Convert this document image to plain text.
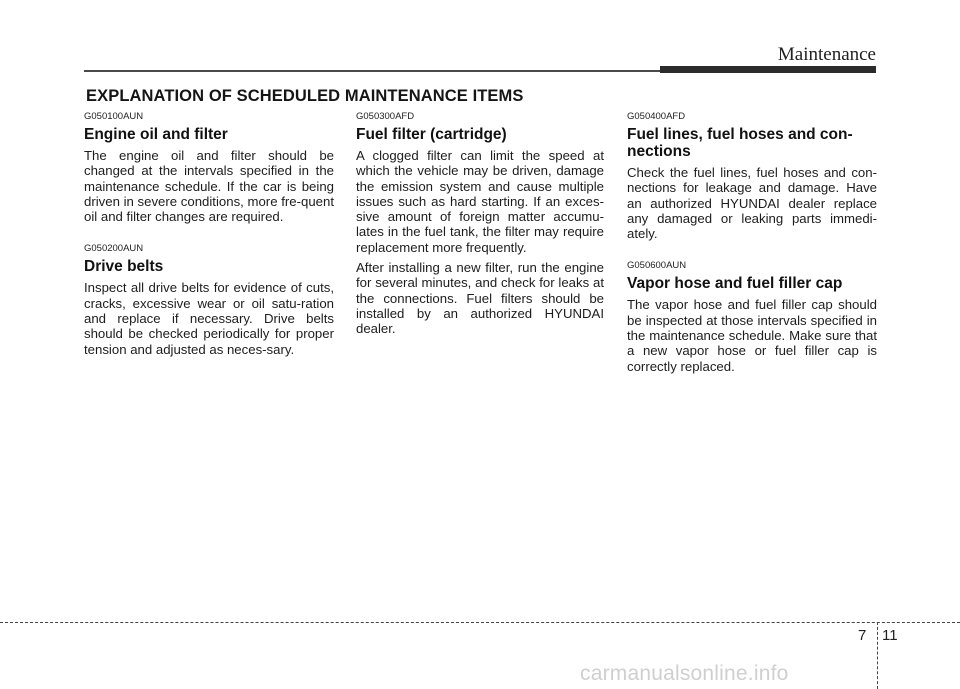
Maintenance
EXPLANATION OF SCHEDULED MAINTENANCE ITEMS

G050100AUN

Engine oil and filter

The engine oil and filter should be changed at the intervals specified in the maintenance schedule. If the car is being driven in severe conditions, more fre-quent oil and filter changes are required.

G050200AUN

Drive belts

Inspect all drive belts for evidence of cuts, cracks, excessive wear or oil satu-ration and replace if necessary. Drive belts should be checked periodically for proper tension and adjusted as neces-sary.

G050300AFD

Fuel filter (cartridge)

A clogged filter can limit the speed at which the vehicle may be driven, damage the emission system and cause multiple issues such as hard starting. If an exces-sive amount of foreign matter accumu-lates in the fuel tank, the filter may require replacement more frequently.

After installing a new filter, run the engine for several minutes, and check for leaks at the connections. Fuel filters should be installed by an authorized HYUNDAI dealer.

G050400AFD

Fuel lines, fuel hoses and con-nections

Check the fuel lines, fuel hoses and con-nections for leakage and damage. Have an authorized HYUNDAI dealer replace any damaged or leaking parts immedi-ately.

G050600AUN

Vapor hose and fuel filler cap

The vapor hose and fuel filler cap should be inspected at those intervals specified in the maintenance schedule. Make sure that a new vapor hose or fuel filler cap is correctly replaced.

7 11
carmanualsonline.info
